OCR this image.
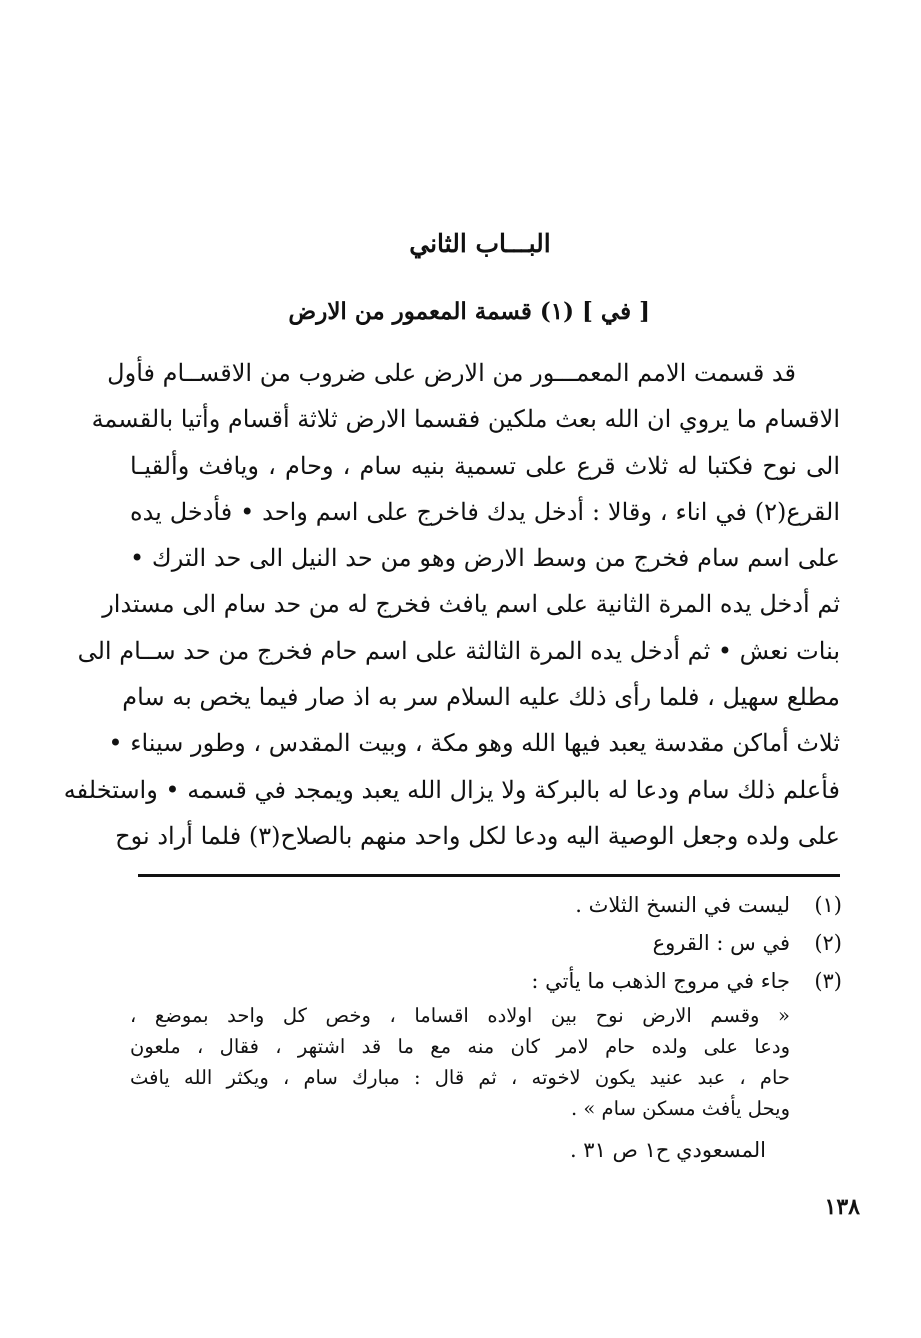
البـــاب الثاني
[ في ] (١) قسمة المعمور من الارض
قد قسمت الامم المعمـــور من الارض على ضروب من الاقســام فأول
الاقسام ما يروي ان الله بعث ملكين فقسما الارض ثلاثة أقسام وأتيا بالقسمة
الى نوح فكتبا له ثلاث قرع على تسمية بنيه سام ، وحام ، ويافث وألقيـا
القرع(٢) في اناء ، وقالا : أدخل يدك فاخرج على اسم واحد • فأدخل يده
على اسم سام فخرج من وسط الارض وهو من حد النيل الى حد الترك •
ثم أدخل يده المرة الثانية على اسم يافث فخرج له من حد سام الى مستدار
بنات نعش • ثم أدخل يده المرة الثالثة على اسم حام فخرج من حد ســام الى
مطلع سهيل ، فلما رأى ذلك عليه السلام سر به اذ صار فيما يخص به سام
ثلاث أماكن مقدسة يعبد فيها الله وهو مكة ، وبيت المقدس ، وطور سيناء •
فأعلم ذلك سام ودعا له بالبركة ولا يزال الله يعبد ويمجد في قسمه • واستخلفه
على ولده وجعل الوصية اليه ودعا لكل واحد منهم بالصلاح(٣) فلما أراد نوح
(١)
ليست في النسخ الثلاث .
(٢)
في س : القروع
(٣)
جاء في مروج الذهب ما يأتي :
« وقسم الارض نوح بين اولاده اقساما ، وخص كل واحد بموضع ،
ودعا على ولده حام لامر كان منه مع ما قد اشتهر ، فقال ، ملعون
حام ، عبد عنيد يكون لاخوته ، ثم قال : مبارك سام ، ويكثر الله يافث
ويحل يأفث مسكن سام » .
المسعودي ح١ ص ٣١ .
١٣٨
